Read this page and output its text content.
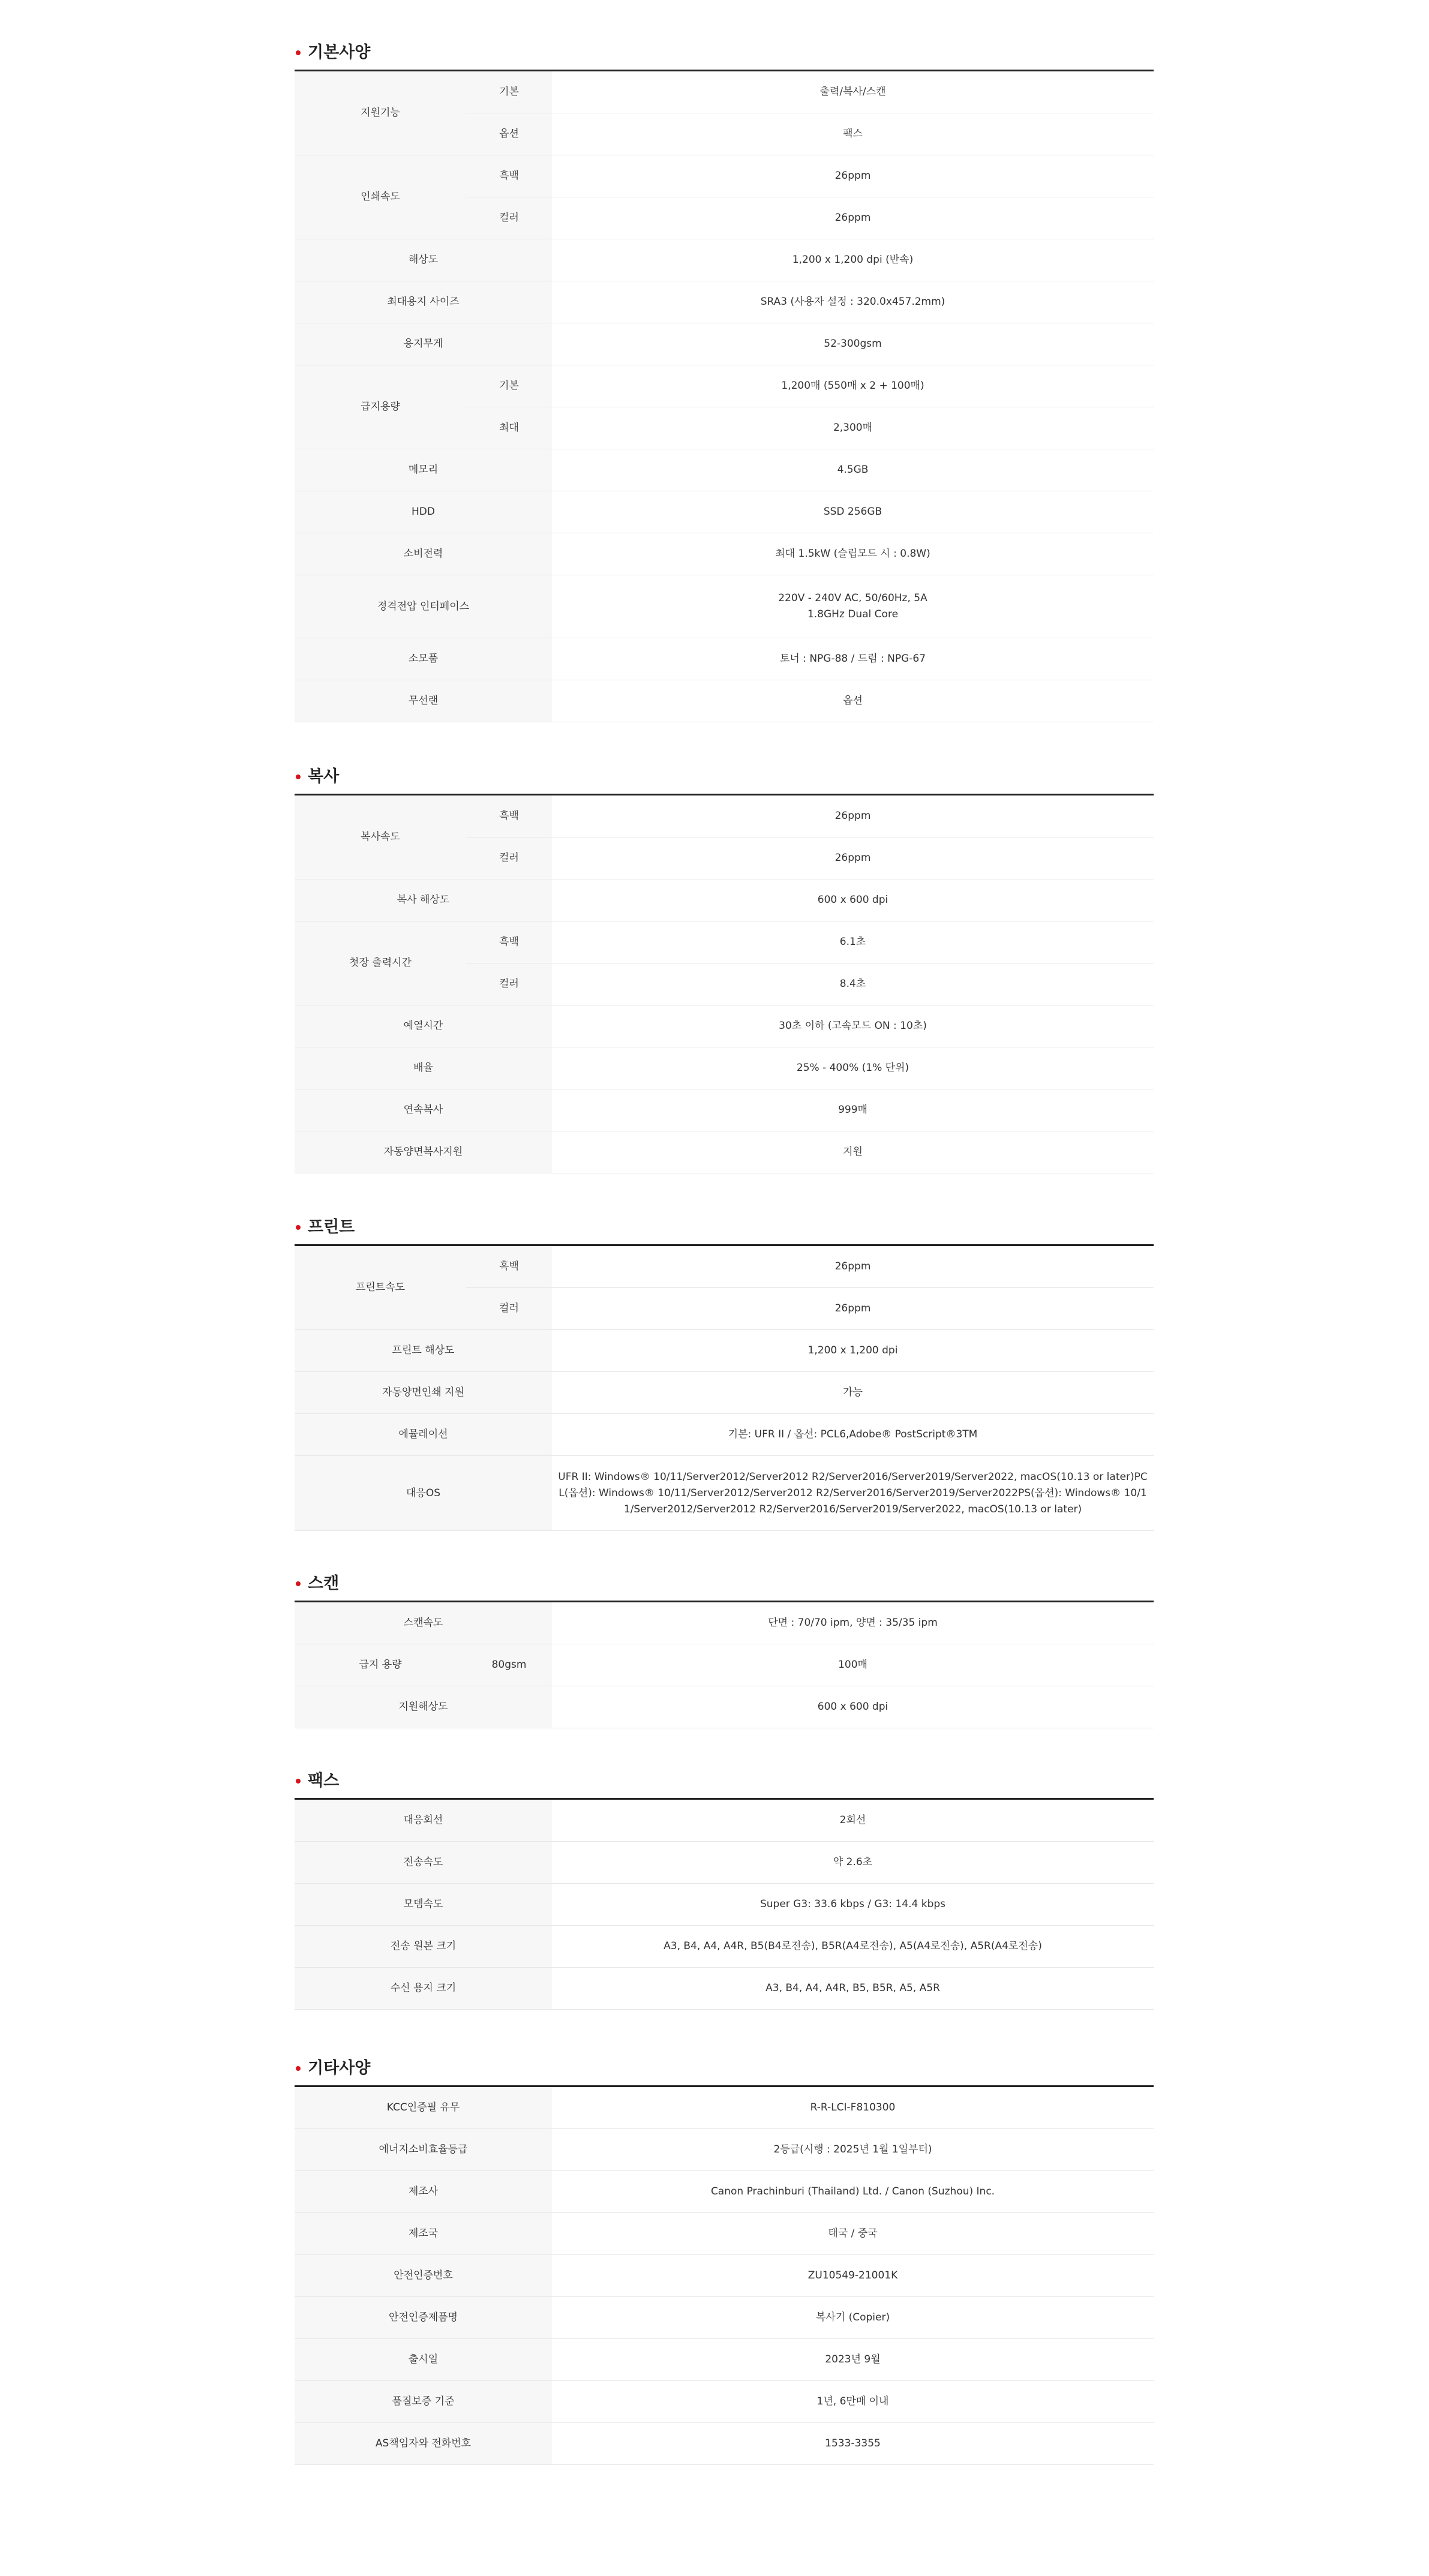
기본사양
지원기능	기본	출력/복사/스캔
	옵션	팩스
인쇄속도	흑백	26ppm
	컬러	26ppm
해상도		1,200 x 1,200 dpi (반속)
최대용지 사이즈		SRA3 (사용자 설정 : 320.0x457.2mm)
용지무게		52-300gsm
급지용량	기본	1,200매 (550매 x 2 + 100매)
	최대	2,300매
메모리		4.5GB
HDD		SSD 256GB
소비전력		최대 1.5kW (슬립모드 시 : 0.8W)
정격전압 인터페이스		220V - 240V AC, 50/60Hz, 5A
1.8GHz Dual Core

소모품		토너 : NPG-88 / 드럼 : NPG-67
무선랜		옵션
복사
복사속도	흑백	26ppm
	컬러	26ppm
복사 해상도		600 x 600 dpi
첫장 출력시간	흑백	6.1초
	컬러	8.4초
예열시간		30초 이하 (고속모드 ON : 10초)
배율		25% - 400% (1% 단위)
연속복사		999매
자동양면복사지원		지원
프린트
프린트속도	흑백	26ppm
	컬러	26ppm
프린트 해상도		1,200 x 1,200 dpi
자동양면인쇄 지원		가능
에뮬레이션		기본: UFR II / 옵션: PCL6,Adobe® PostScript®3TM
대응OS		UFR II: Windows® 10/11/Server2012/Server2012 R2/Server2016/Server2019/Server2022, macOS(10.13 or later)PCL(옵션): Windows® 10/11/Server2012/Server2012 R2/Server2016/Server2019/Server2022PS(옵션): Windows® 10/11/Server2012/Server2012 R2/Server2016/Server2019/Server2022, macOS(10.13 or later)
스캔
스캔속도		단면 : 70/70 ipm, 양면 : 35/35 ipm
급지 용량	80gsm	100매
지원해상도		600 x 600 dpi
팩스
대응회선	2회선
전송속도	약 2.6초
모뎀속도	Super G3: 33.6 kbps / G3: 14.4 kbps
전송 원본 크기	A3, B4, A4, A4R, B5(B4로전송), B5R(A4로전송), A5(A4로전송), A5R(A4로전송)
수신 용지 크기	A3, B4, A4, A4R, B5, B5R, A5, A5R
기타사양
KCC인증필 유무	R-R-LCI-F810300
에너지소비효율등급	2등급(시행 : 2025년 1월 1일부터)
제조사	Canon Prachinburi (Thailand) Ltd. / Canon (Suzhou) Inc.
제조국	태국 / 중국
안전인증번호	ZU10549-21001K
안전인증제품명	복사기 (Copier)
출시일	2023년 9월
품질보증 기준	1년, 6만매 이내
AS책임자와 전화번호	1533-3355
